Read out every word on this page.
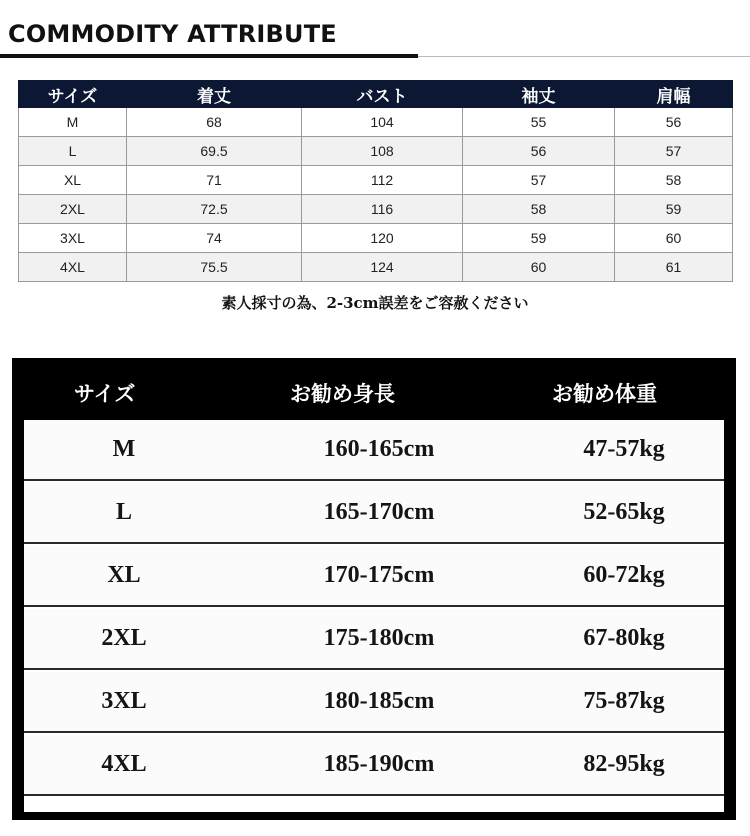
COMMODITY ATTRIBUTE
サイズ	着丈	バスト	袖丈	肩幅
M	68	104	55	56
L	69.5	108	56	57
XL	71	112	57	58
2XL	72.5	116	58	59
3XL	74	120	59	60
4XL	75.5	124	60	61
素人採寸の為、2-3cm誤差をご容赦ください
サイズ	お勧め身長	お勧め体重
M	160-165cm	47-57kg
L	165-170cm	52-65kg
XL	170-175cm	60-72kg
2XL	175-180cm	67-80kg
3XL	180-185cm	75-87kg
4XL	185-190cm	82-95kg
